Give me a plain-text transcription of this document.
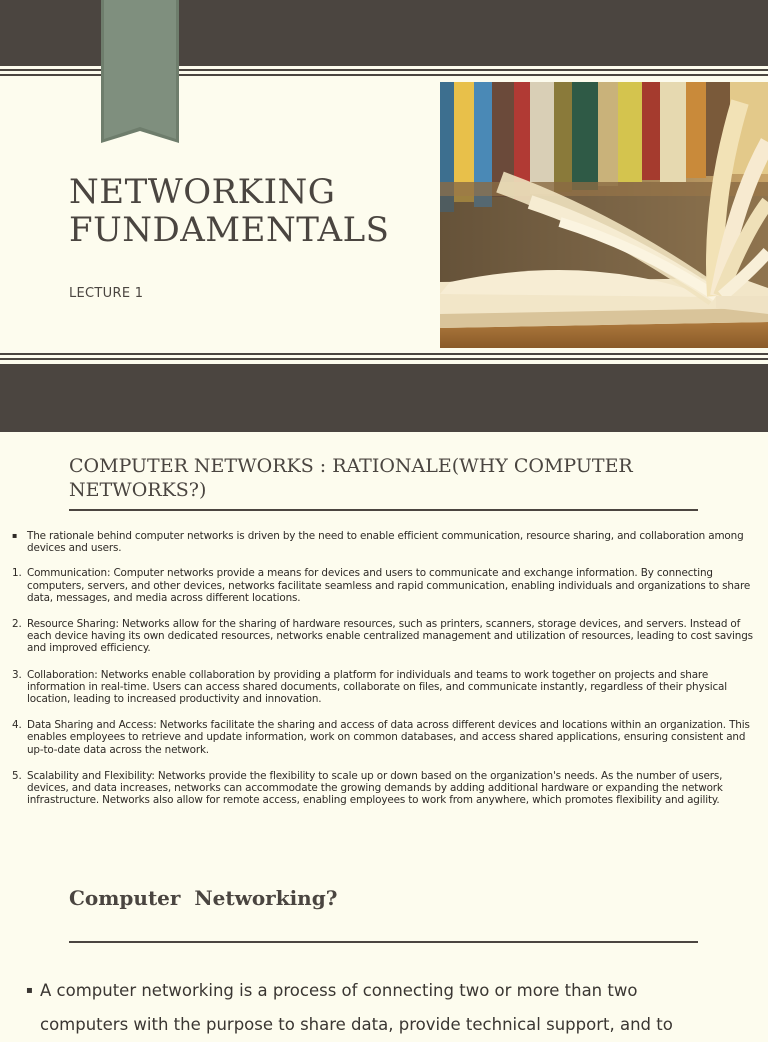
NETWORKING
FUNDAMENTALS
LECTURE 1
COMPUTER NETWORKS : RATIONALE(WHY COMPUTER NETWORKS?)
▪ The rationale behind computer networks is driven by the need to enable efficient communication, resource sharing, and collaboration among devices and users.
1. Communication: Computer networks provide a means for devices and users to communicate and exchange information. By connecting computers, servers, and other devices, networks facilitate seamless and rapid communication, enabling individuals and organizations to share data, messages, and media across different locations.
2. Resource Sharing: Networks allow for the sharing of hardware resources, such as printers, scanners, storage devices, and servers. Instead of each device having its own dedicated resources, networks enable centralized management and utilization of resources, leading to cost savings and improved efficiency.
3. Collaboration: Networks enable collaboration by providing a platform for individuals and teams to work together on projects and share information in real-time. Users can access shared documents, collaborate on files, and communicate instantly, regardless of their physical location, leading to increased productivity and innovation.
4. Data Sharing and Access: Networks facilitate the sharing and access of data across different devices and locations within an organization. This enables employees to retrieve and update information, work on common databases, and access shared applications, ensuring consistent and up-to-date data across the network.
5. Scalability and Flexibility: Networks provide the flexibility to scale up or down based on the organization's needs. As the number of users, devices, and data increases, networks can accommodate the growing demands by adding additional hardware or expanding the network infrastructure. Networks also allow for remote access, enabling employees to work from anywhere, which promotes flexibility and agility.
Computer  Networking?
▪ A computer networking is a process of connecting two or more than two computers with the purpose to share data, provide technical support, and to
